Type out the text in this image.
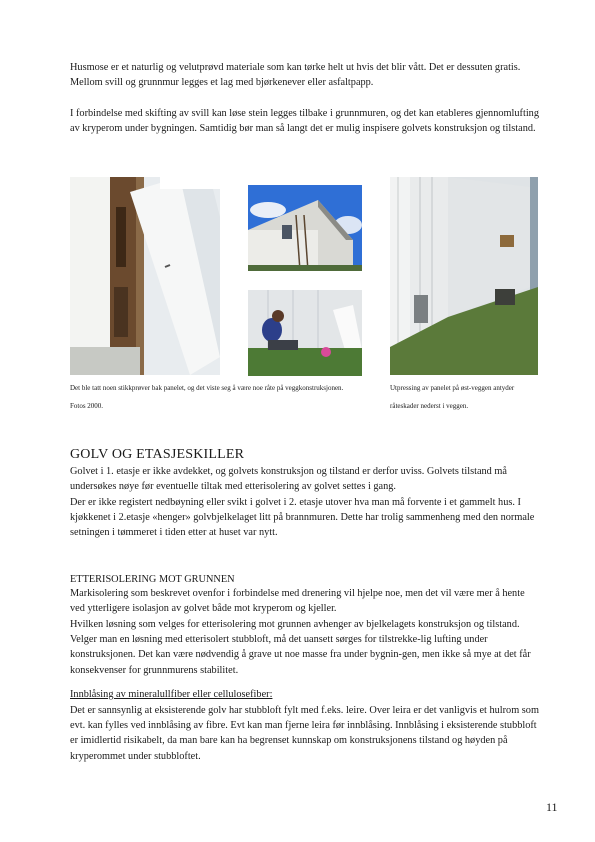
Husmose er et naturlig og velutprøvd materiale som kan tørke helt ut hvis det blir vått. Det er dessuten gratis. Mellom svill og grunnmur legges et lag med bjørkenever eller asfaltpapp.

I forbindelse med skifting av svill kan løse stein legges tilbake i grunnmuren, og det kan etableres gjennomlufting av kryperom under bygningen. Samtidig bør man så langt det er mulig inspisere golvets konstruksjon og tilstand.

Det ble tatt noen stikkprøver bak panelet, og det viste seg å være noe råte på veggkonstruksjonen. Fotos 2000.

Utpressing av panelet på øst-veggen antyder råteskader nederst i veggen.

GOLV OG ETASJESKILLER

Golvet i 1. etasje er ikke avdekket, og golvets konstruksjon og tilstand er derfor uviss. Golvets tilstand må undersøkes nøye før eventuelle tiltak med etterisolering av golvet settes i gang.

Der er ikke registert nedbøyning eller svikt i golvet i 2. etasje utover hva man må forvente i et gammelt hus. I kjøkkenet i 2.etasje «henger» golvbjelkelaget litt på brannmuren. Dette har trolig sammenheng med den normale setningen i tømmeret i tiden etter at huset var nytt.

ETTERISOLERING MOT GRUNNEN

Markisolering som beskrevet ovenfor i forbindelse med drenering vil hjelpe noe, men det vil være mer å hente ved ytterligere isolasjon av golvet både mot kryperom og kjeller.

Hvilken løsning som velges for etterisolering mot grunnen avhenger av bjelkelagets konstruksjon og tilstand. Velger man en løsning med etterisolert stubbloft, må det uansett sørges for tilstrekke-lig lufting under konstruksjonen. Det kan være nødvendig å grave ut noe masse fra under bygnin-gen, men ikke så mye at det får konsekvenser for grunnmurens stabilitet.

Innblåsing av mineralullfiber eller cellulosefiber:

Det er sannsynlig at eksisterende golv har stubbloft fylt med f.eks. leire. Over leira er det vanligvis et hulrom som evt. kan fylles ved innblåsing av fibre. Evt kan man fjerne leira før innblåsing. Innblåsing i eksisterende stubbloft er imidlertid risikabelt, da man bare kan ha begrenset kunnskap om konstruksjonens tilstand og høyden på kryperommet under stubbloftet.

11
